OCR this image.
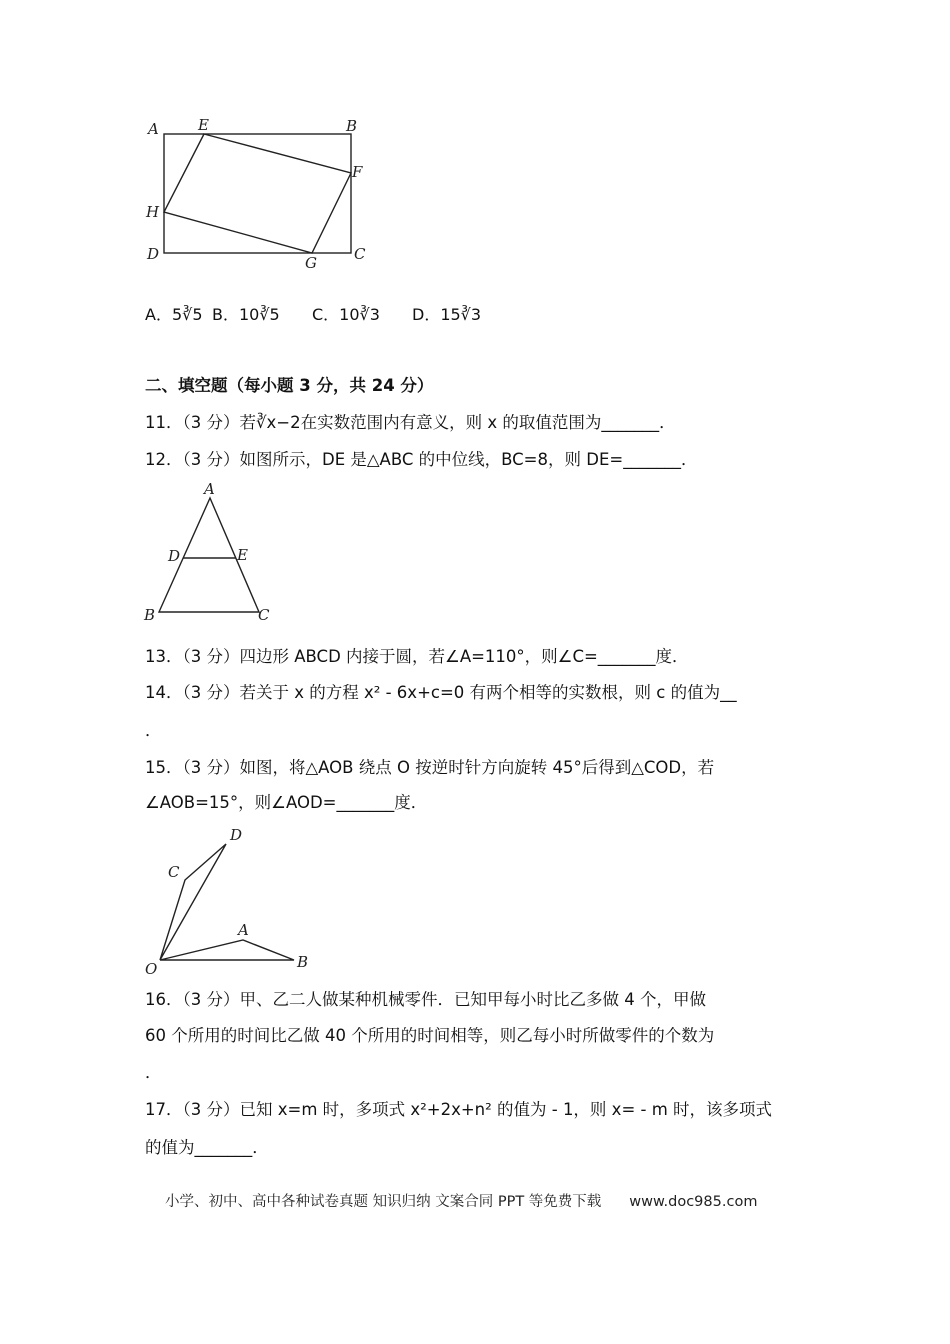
A	E	B
F
H
D	G C
A．5∛5 B．10∛5 C．10∛3 D．15∛3
二、填空题（每小题 3 分，共 24 分）
11．（3 分）若∛x−2在实数范围内有意义，则 x 的取值范围为_______．
12．（3 分）如图所示，DE 是△ABC 的中位线，BC=8，则 DE=_______．
A
D	E
B	C
13．（3 分）四边形 ABCD 内接于圆，若∠A=110°，则∠C=_______度．
14．（3 分）若关于 x 的方程 x² ‐ 6x+c=0 有两个相等的实数根，则 c 的值为__
．
15．（3 分）如图，将△AOB 绕点 O 按逆时针方向旋转 45°后得到△COD，若
∠AOB=15°，则∠AOD=_______度．
D
C
A
O	B
16．（3 分）甲、乙二人做某种机械零件．已知甲每小时比乙多做 4 个，甲做
60 个所用的时间比乙做 40 个所用的时间相等，则乙每小时所做零件的个数为
．
17．（3 分）已知 x=m 时，多项式 x²+2x+n² 的值为 ‐ 1，则 x= ‐ m 时，该多项式
的值为_______．
小学、初中、高中各种试卷真题 知识归纳 文案合同 PPT 等免费下载 www.doc985.com
